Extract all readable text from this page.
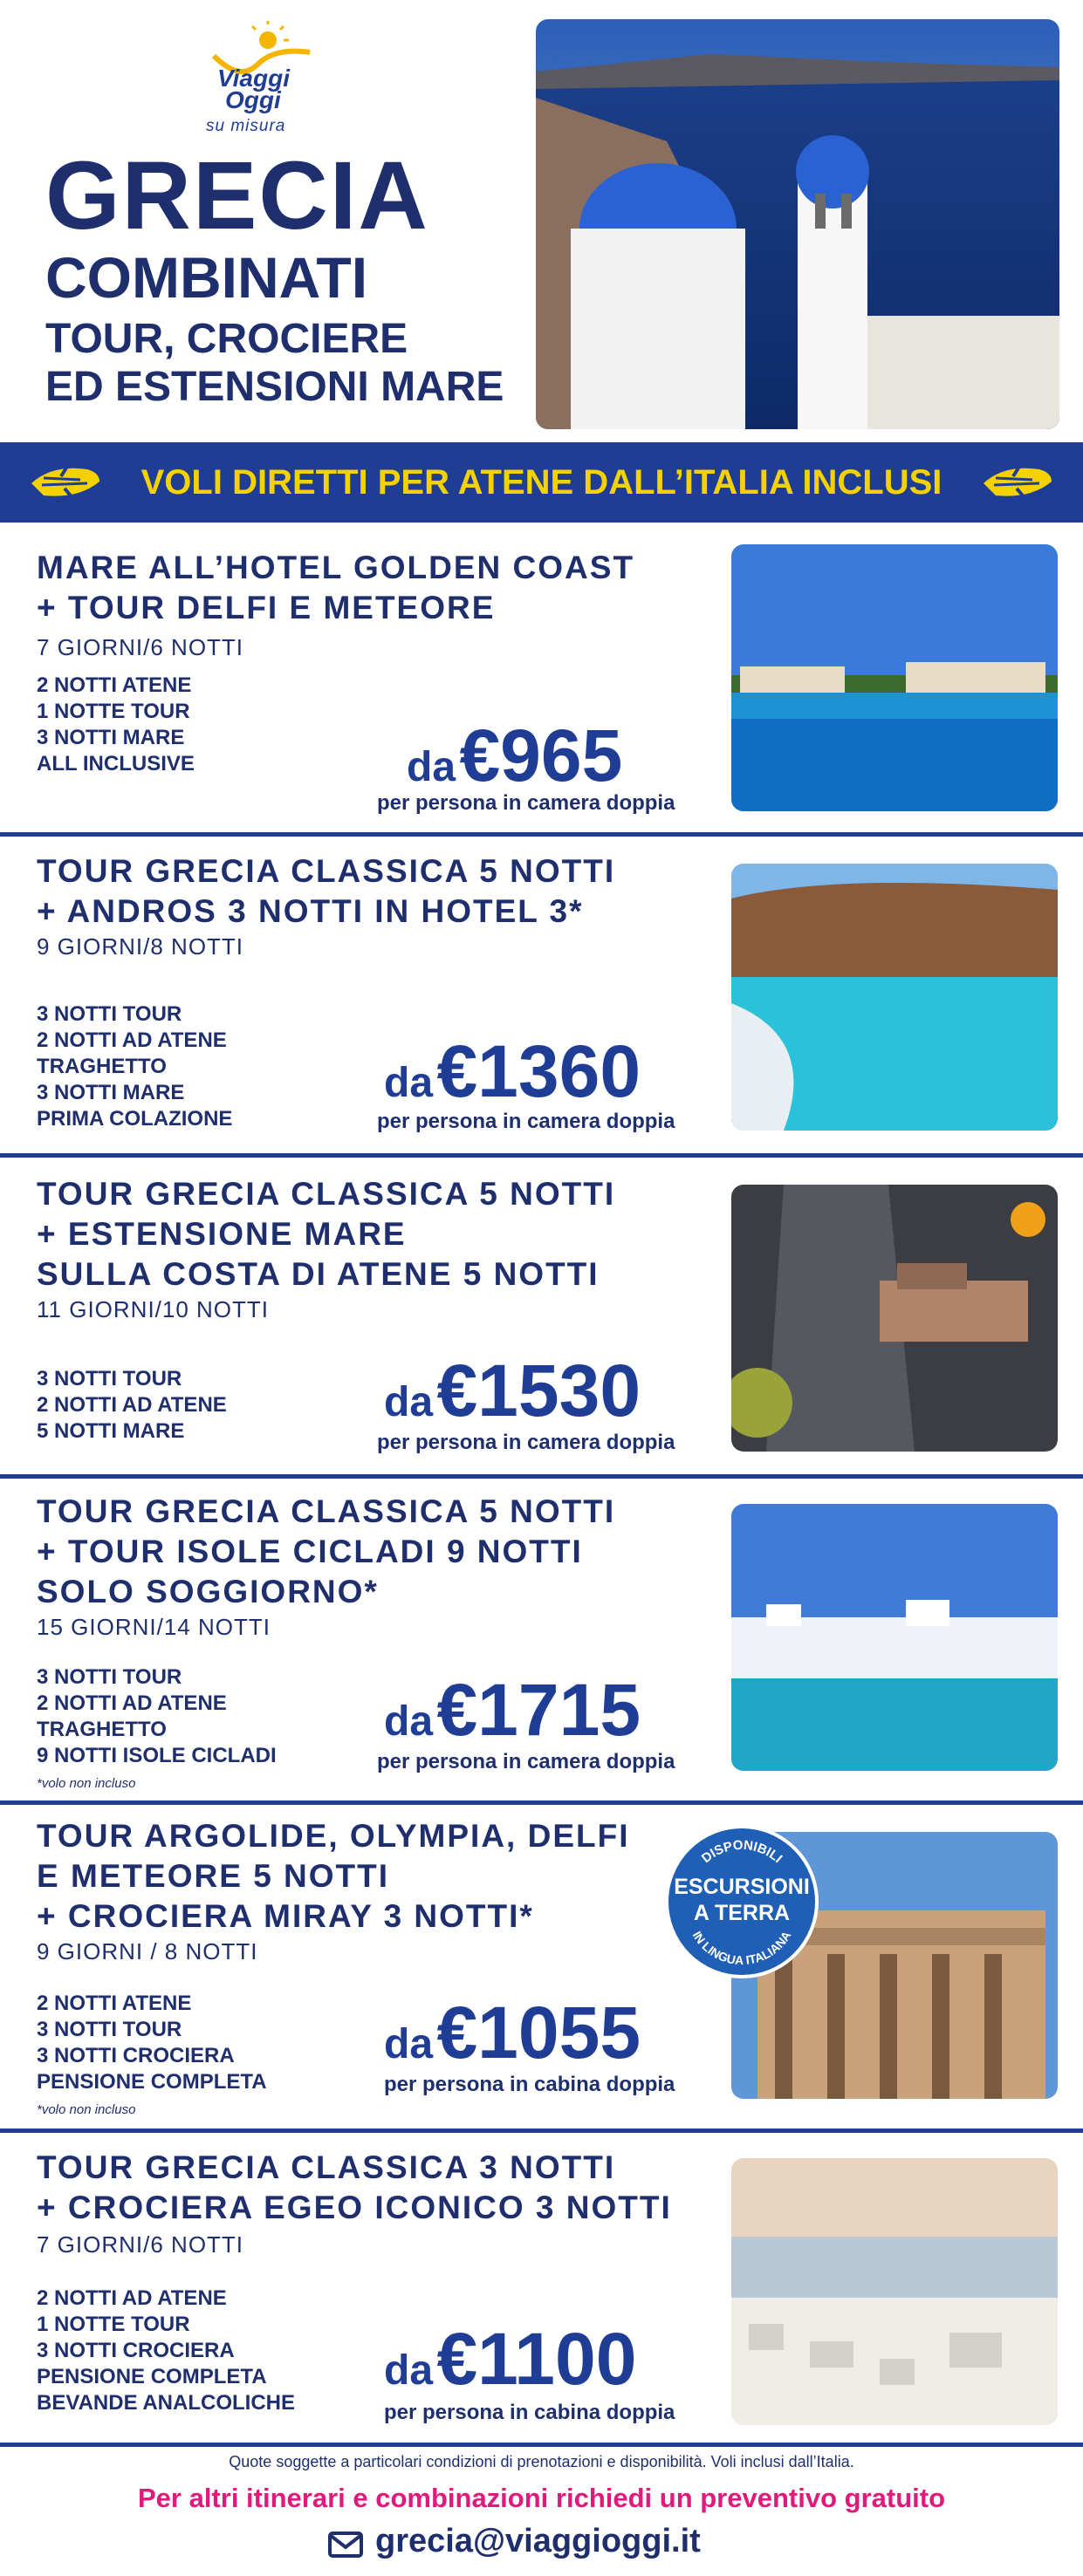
Viaggi
Oggi
su misura
GRECIA
COMBINATI
TOUR, CROCIERE
ED ESTENSIONI MARE
VOLI DIRETTI PER ATENE DALL’ITALIA INCLUSI
MARE ALL’HOTEL GOLDEN COAST
+ TOUR DELFI E METEORE
7 GIORNI/6 NOTTI
2 NOTTI ATENE
1 NOTTE TOUR
3 NOTTI MARE
ALL INCLUSIVE	da €965
per persona in camera doppia
TOUR GRECIA CLASSICA 5 NOTTI
+ ANDROS 3 NOTTI IN HOTEL 3*
9 GIORNI/8 NOTTI
3 NOTTI TOUR
2 NOTTI AD ATENE
TRAGHETTO
3 NOTTI MARE
PRIMA COLAZIONE
da €1360
per persona in camera doppia
TOUR GRECIA CLASSICA 5 NOTTI
+ ESTENSIONE MARE
SULLA COSTA DI ATENE 5 NOTTI
11 GIORNI/10 NOTTI
3 NOTTI TOUR
2 NOTTI AD ATENE
5 NOTTI MARE
da €1530
per persona in camera doppia
TOUR GRECIA CLASSICA 5 NOTTI
+ TOUR ISOLE CICLADI 9 NOTTI
SOLO SOGGIORNO*
15 GIORNI/14 NOTTI
3 NOTTI TOUR
2 NOTTI AD ATENE
TRAGHETTO
9 NOTTI ISOLE CICLADI
*volo non incluso
da €1715
per persona in camera doppia
TOUR ARGOLIDE, OLYMPIA, DELFI
E METEORE 5 NOTTI
+ CROCIERA MIRAY 3 NOTTI*
9 GIORNI / 8 NOTTI
2 NOTTI ATENE
3 NOTTI TOUR
3 NOTTI CROCIERA
PENSIONE COMPLETA
*volo non incluso
da €1055
per persona in cabina doppia
DISPONIBILI
IN LINGUA ITALIANA
ESCURSIONI
A TERRA
TOUR GRECIA CLASSICA 3 NOTTI
+ CROCIERA EGEO ICONICO 3 NOTTI
7 GIORNI/6 NOTTI
2 NOTTI AD ATENE
1 NOTTE TOUR
3 NOTTI CROCIERA
PENSIONE COMPLETA
BEVANDE ANALCOLICHE
da €1100
per persona in cabina doppia
Quote soggette a particolari condizioni di prenotazioni e disponibilità. Voli inclusi dall’Italia.
Per altri itinerari e combinazioni richiedi un preventivo gratuito
grecia@viaggioggi.it
